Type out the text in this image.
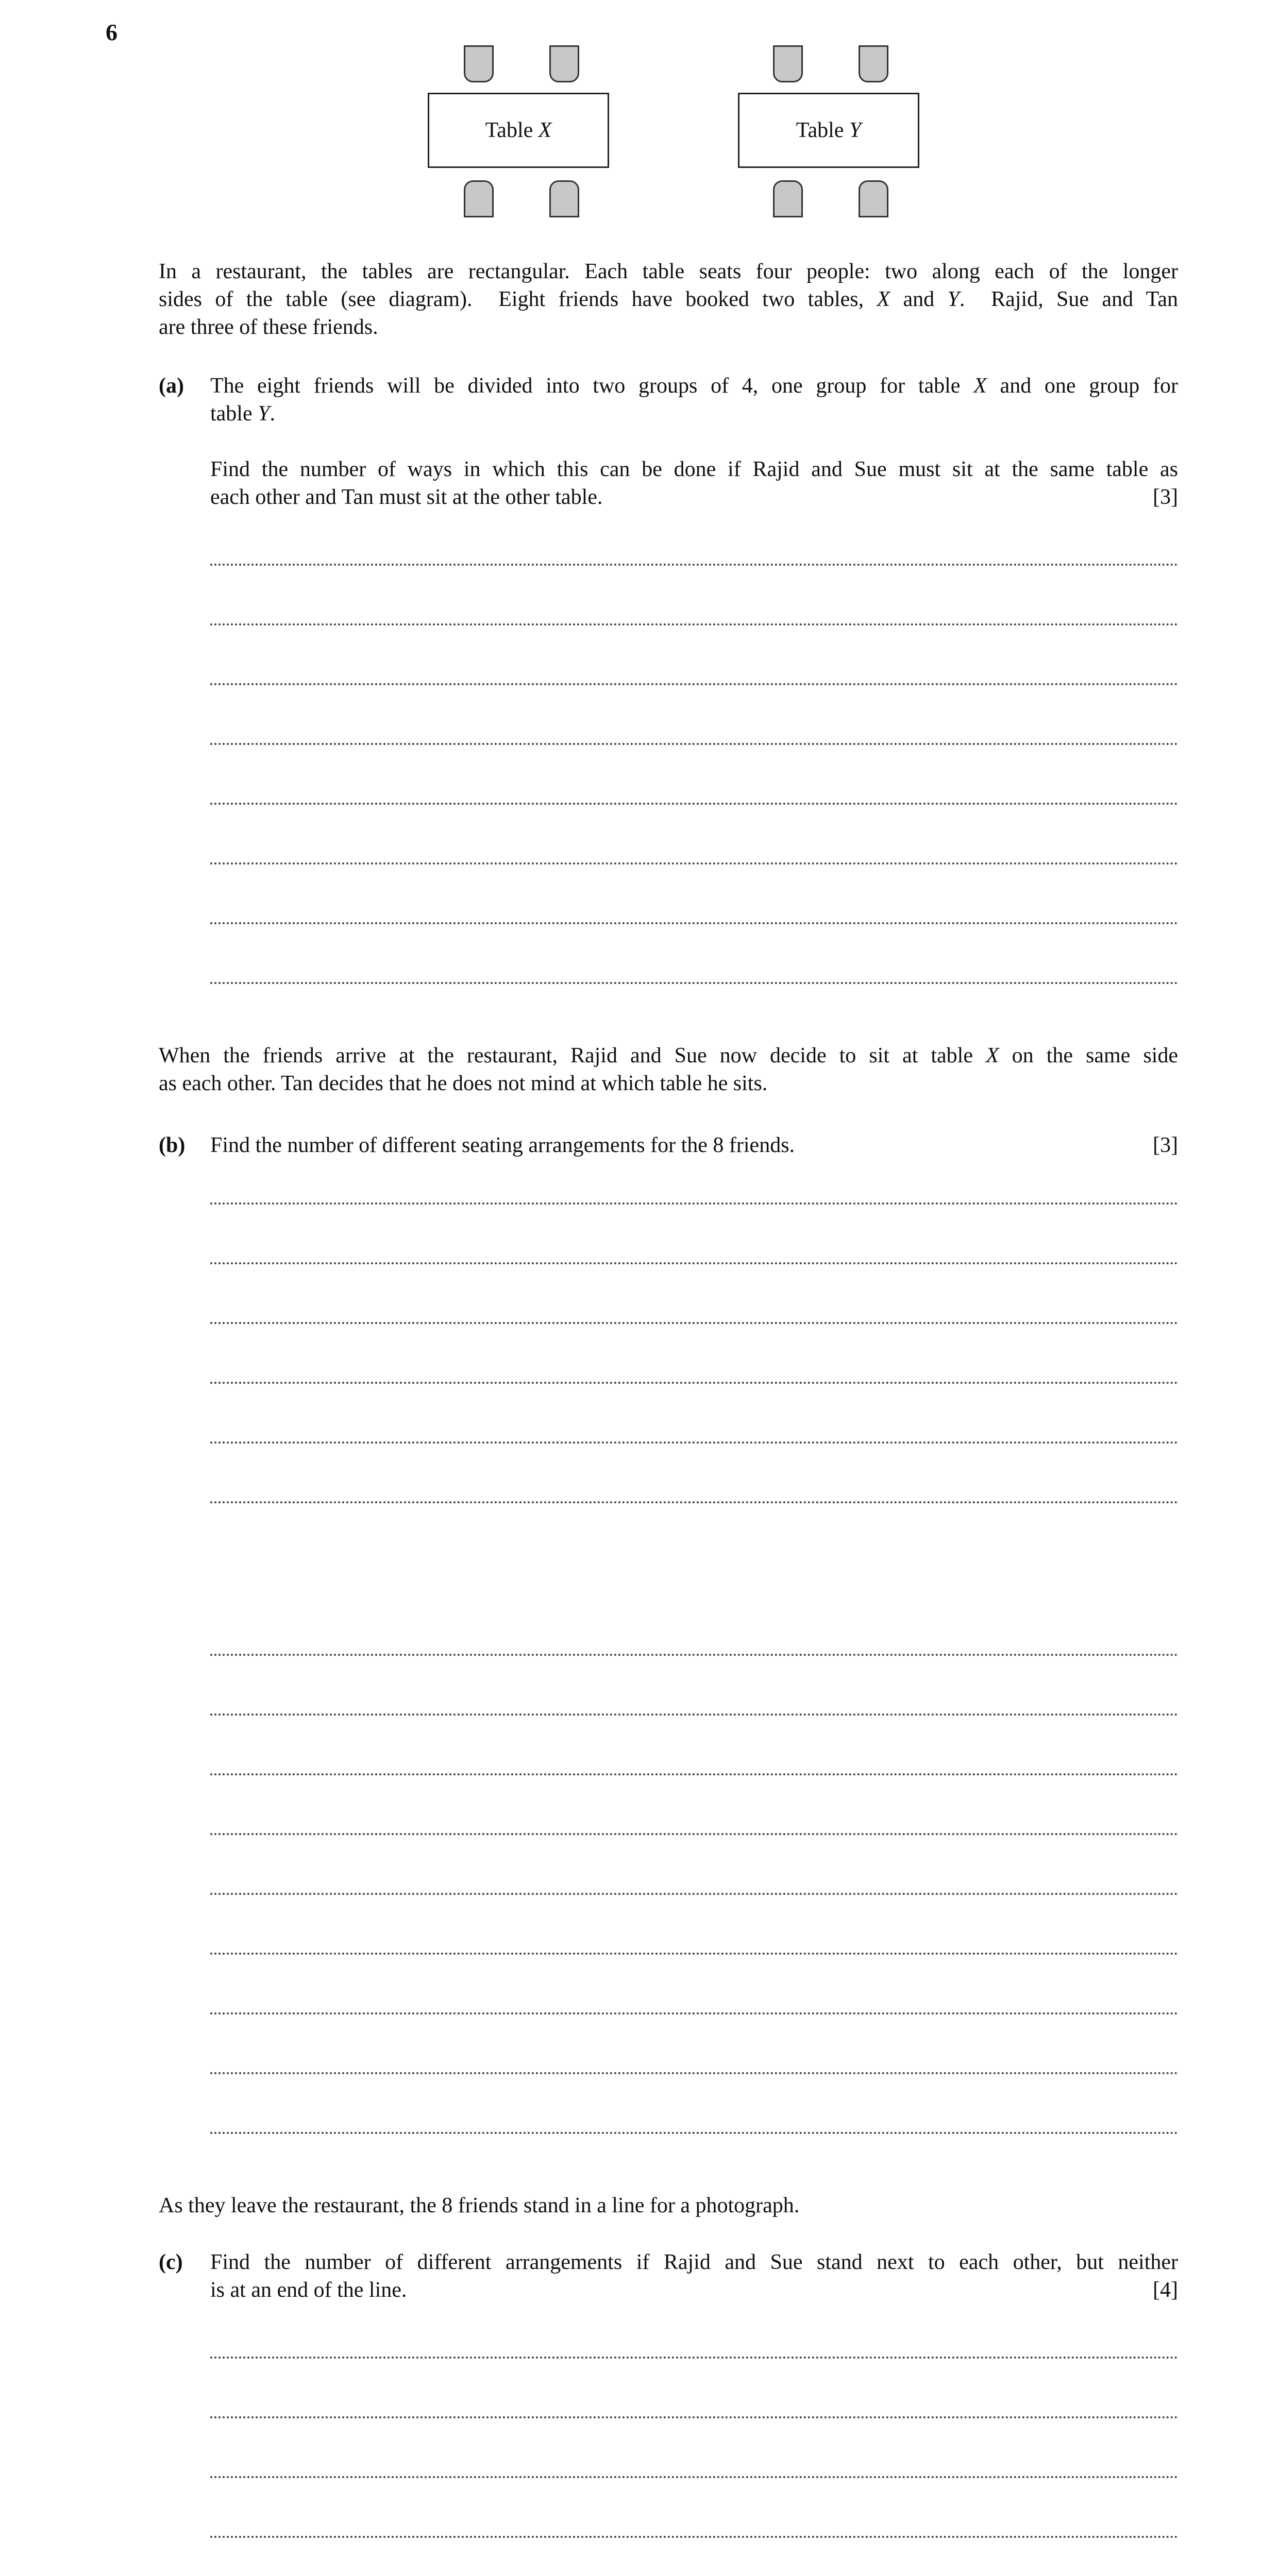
6
Table X	Table Y
In a restaurant, the tables are rectangular. Each table seats four people: two along each of the longer
sides of the table (see diagram).  Eight friends have booked two tables, X and Y.  Rajid, Sue and Tan
are three of these friends.
(a) The eight friends will be divided into two groups of 4, one group for table X and one group for
table Y.
Find the number of ways in which this can be done if Rajid and Sue must sit at the same table as
each other and Tan must sit at the other table.	[3]
When the friends arrive at the restaurant, Rajid and Sue now decide to sit at table X on the same side
as each other. Tan decides that he does not mind at which table he sits.
(b) Find the number of different seating arrangements for the 8 friends.	[3]
As they leave the restaurant, the 8 friends stand in a line for a photograph.
(c) Find the number of different arrangements if Rajid and Sue stand next to each other, but neither
is at an end of the line.	[4]
